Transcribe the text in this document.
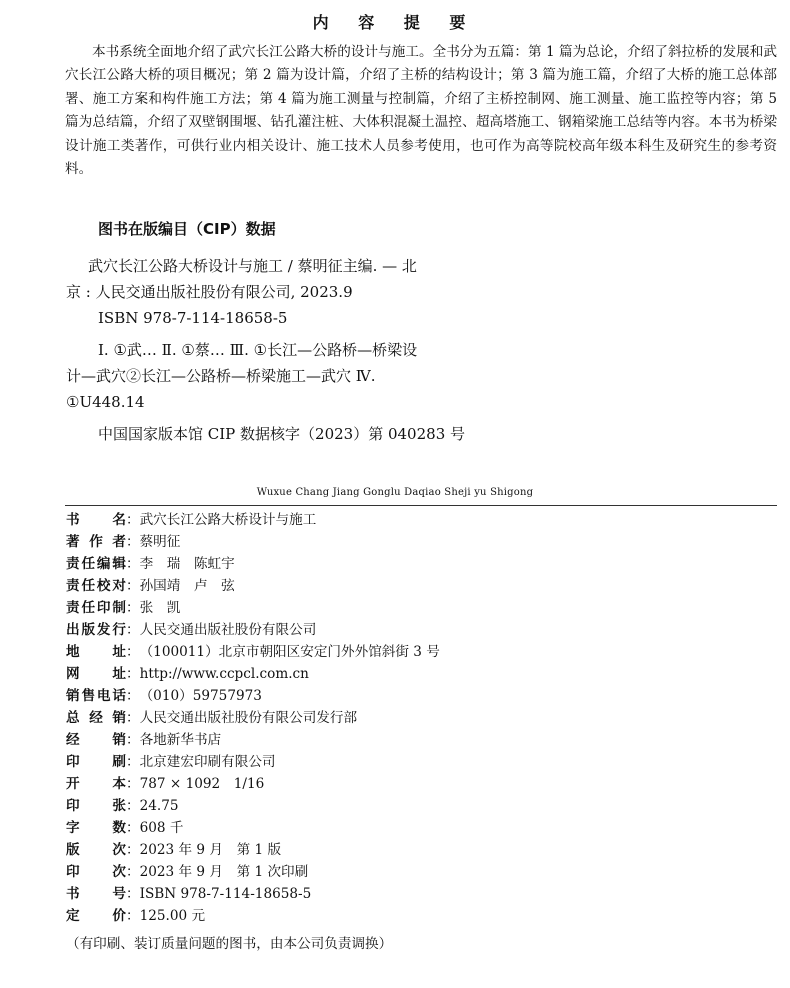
内 容 提 要

本书系统全面地介绍了武穴长江公路大桥的设计与施工。全书分为五篇：第 1 篇为总论，介绍了斜拉桥的发展和武穴长江公路大桥的项目概况；第 2 篇为设计篇，介绍了主桥的结构设计；第 3 篇为施工篇，介绍了大桥的施工总体部署、施工方案和构件施工方法；第 4 篇为施工测量与控制篇，介绍了主桥控制网、施工测量、施工监控等内容；第 5 篇为总结篇，介绍了双壁钢围堰、钻孔灌注桩、大体积混凝土温控、超高塔施工、钢箱梁施工总结等内容。本书为桥梁设计施工类著作，可供行业内相关设计、施工技术人员参考使用，也可作为高等院校高年级本科生及研究生的参考资料。

图书在版编目（CIP）数据
武穴长江公路大桥设计与施工 / 蔡明征主编. — 北
京 : 人民交通出版社股份有限公司, 2023.9
ISBN 978-7-114-18658-5
Ⅰ. ①武… Ⅱ. ①蔡… Ⅲ. ①长江—公路桥—桥梁设
计—武穴②长江—公路桥—桥梁施工—武穴 Ⅳ.
①U448.14
中国国家版本馆 CIP 数据核字（2023）第 040283 号
Wuxue Chang Jiang Gonglu Daqiao Sheji yu Shigong
书　　名：武穴长江公路大桥设计与施工
著 作 者：蔡明征
责任编辑：李　瑞　陈虹宇
责任校对：孙国靖　卢　弦
责任印制：张　凯
出版发行：人民交通出版社股份有限公司
地　　址：（100011）北京市朝阳区安定门外外馆斜街 3 号
网　　址：http://www.ccpcl.com.cn
销售电话：（010）59757973
总 经 销：人民交通出版社股份有限公司发行部
经　　销：各地新华书店
印　　刷：北京建宏印刷有限公司
开　　本：787 × 1092　1/16
印　　张：24.75
字　　数：608 千
版　　次：2023 年 9 月　第 1 版
印　　次：2023 年 9 月　第 1 次印刷
书　　号：ISBN 978-7-114-18658-5
定　　价：125.00 元
（有印刷、装订质量问题的图书，由本公司负责调换）
